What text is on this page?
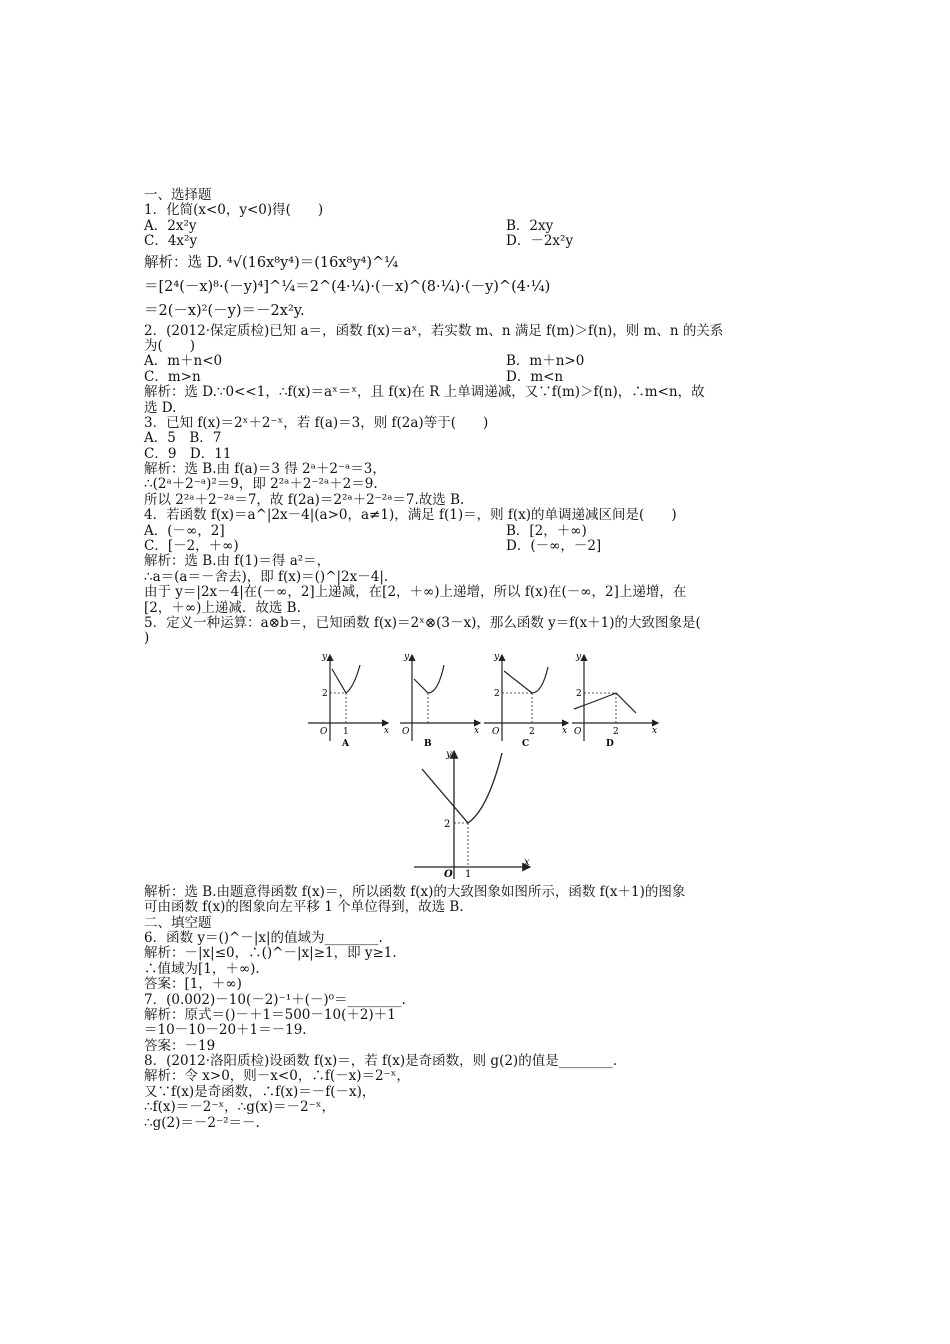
一、选择题
1．化简(x<0，y<0)得(　　)

A．2x²y

	B．2xy

C．4x²y

	D．－2x²y

解析：选 D. ⁴√(16x⁸y⁴)＝(16x⁸y⁴)^¼
＝[2⁴(－x)⁸·(－y)⁴]^¼＝2^(4·¼)·(－x)^(8·¼)·(－y)^(4·¼)
＝2(－x)²(－y)＝－2x²y.
2．(2012·保定质检)已知 a＝，函数 f(x)＝aˣ，若实数 m、n 满足 f(m)＞f(n)，则 m、n 的关系
为(　　)

A．m＋n<0

	B．m＋n>0

C．m>n

	D．m<n

解析：选 D.∵0<<1，∴f(x)＝aˣ＝ˣ，且 f(x)在 R 上单调递减，又∵f(m)＞f(n)，∴m<n，故
选 D.
3．已知 f(x)＝2ˣ＋2⁻ˣ，若 f(a)＝3，则 f(2a)等于(　　)
A．5　B．7
C．9　D．11
解析：选 B.由 f(a)＝3 得 2ᵃ＋2⁻ᵃ＝3，
∴(2ᵃ＋2⁻ᵃ)²＝9，即 2²ᵃ＋2⁻²ᵃ＋2＝9.
所以 2²ᵃ＋2⁻²ᵃ＝7，故 f(2a)＝2²ᵃ＋2⁻²ᵃ＝7.故选 B.
4．若函数 f(x)＝a^|2x－4|(a>0，a≠1)，满足 f(1)＝，则 f(x)的单调递减区间是(　　)

A．(－∞，2]

	B．[2，＋∞)

C．[－2，＋∞)

	D．(－∞，－2]

解析：选 B.由 f(1)＝得 a²＝，
∴a＝(a＝－舍去)，即 f(x)＝()^|2x－4|.
由于 y＝|2x－4|在(－∞，2]上递减，在[2，＋∞)上递增，所以 f(x)在(－∞，2]上递增，在
[2，＋∞)上递减．故选 B.
5．定义一种运算：a⊗b＝，已知函数 f(x)＝2ˣ⊗(3－x)，那么函数 y＝f(x＋1)的大致图象是(
)
y
x
O 1
2
A
y
x
O
B
y
x
O	2
2
C
y
x
O	2
2
D
y
x
O 1
2
解析：选 B.由题意得函数 f(x)＝，所以函数 f(x)的大致图象如图所示，函数 f(x＋1)的图象
可由函数 f(x)的图象向左平移 1 个单位得到，故选 B.
二、填空题
6．函数 y＝()^－|x|的值域为________.
解析：－|x|≤0，∴()^－|x|≥1，即 y≥1.
∴值域为[1，＋∞).
答案：[1，＋∞)
7．(0.002)－10(－2)⁻¹＋(－)⁰＝________.
解析：原式＝()－＋1＝500－10(＋2)＋1
＝10－10－20＋1＝－19.
答案：－19
8．(2012·洛阳质检)设函数 f(x)＝，若 f(x)是奇函数，则 g(2)的值是________.
解析：令 x>0，则－x<0，∴f(－x)＝2⁻ˣ，
又∵f(x)是奇函数，∴f(x)＝－f(－x)，
∴f(x)＝－2⁻ˣ，∴g(x)＝－2⁻ˣ，
∴g(2)＝－2⁻²＝－.
